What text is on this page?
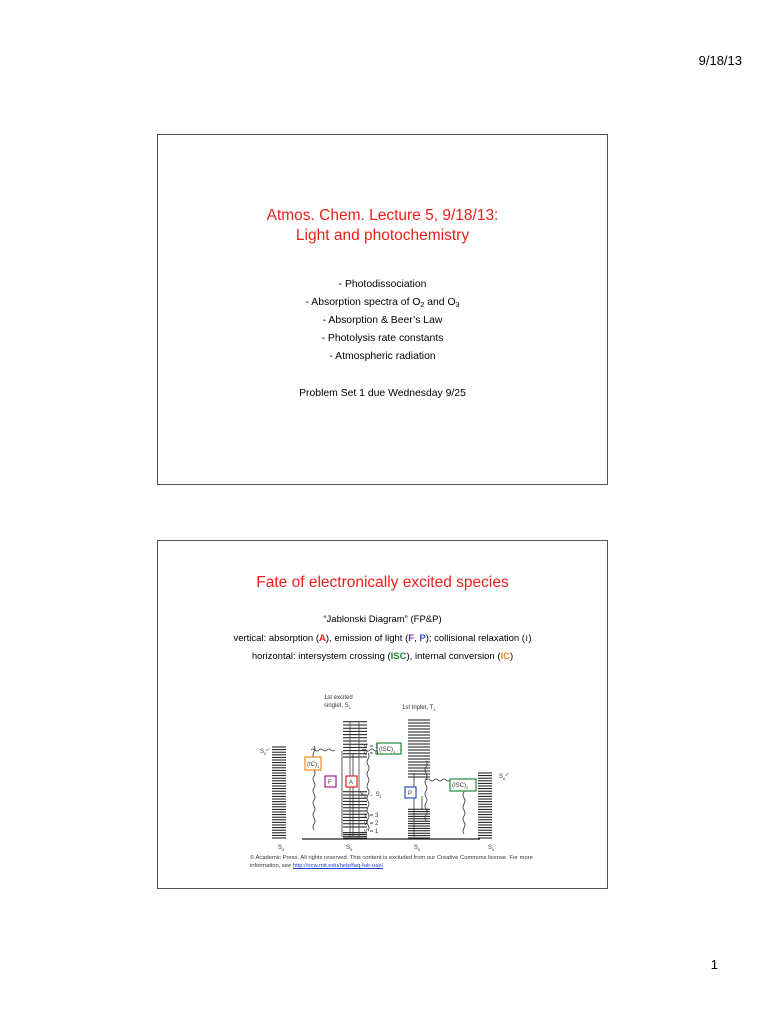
9/18/13
Atmos. Chem. Lecture 5, 9/18/13:
Light and photochemistry
- Photodissociation
- Absorption spectra of $O_2$ and $O_3$
- Absorption & Beer’s Law
- Photolysis rate constants
- Atmospheric radiation
Problem Set 1 due Wednesday 9/25
Fate of electronically excited species
“Jablonski Diagram” (FP&P)
vertical: absorption (A), emission of light (F, P); collisional relaxation (≀)
horizontal: intersystem crossing (ISC), internal conversion (IC)
$(IC)_1$
$(ISC)_1$
$(ISC)_2$
F	A
P
1st excited
singlet, $S_1$	1st triplet, $T_1$
$S_0^{v''}$
$S_0^{v‴}$
v′ = 1
v′ = 0
$S_0 \to S_1$
v′ = 3
v′ = 2
v′ = 1
$S_0$	$S_0$	$S_0$	$S_0$
© Academic Press. All rights reserved. This content is excluded from our Creative Commons license. For more information, see http://ocw.mit.edu/help/faq-fair-use/.
1
